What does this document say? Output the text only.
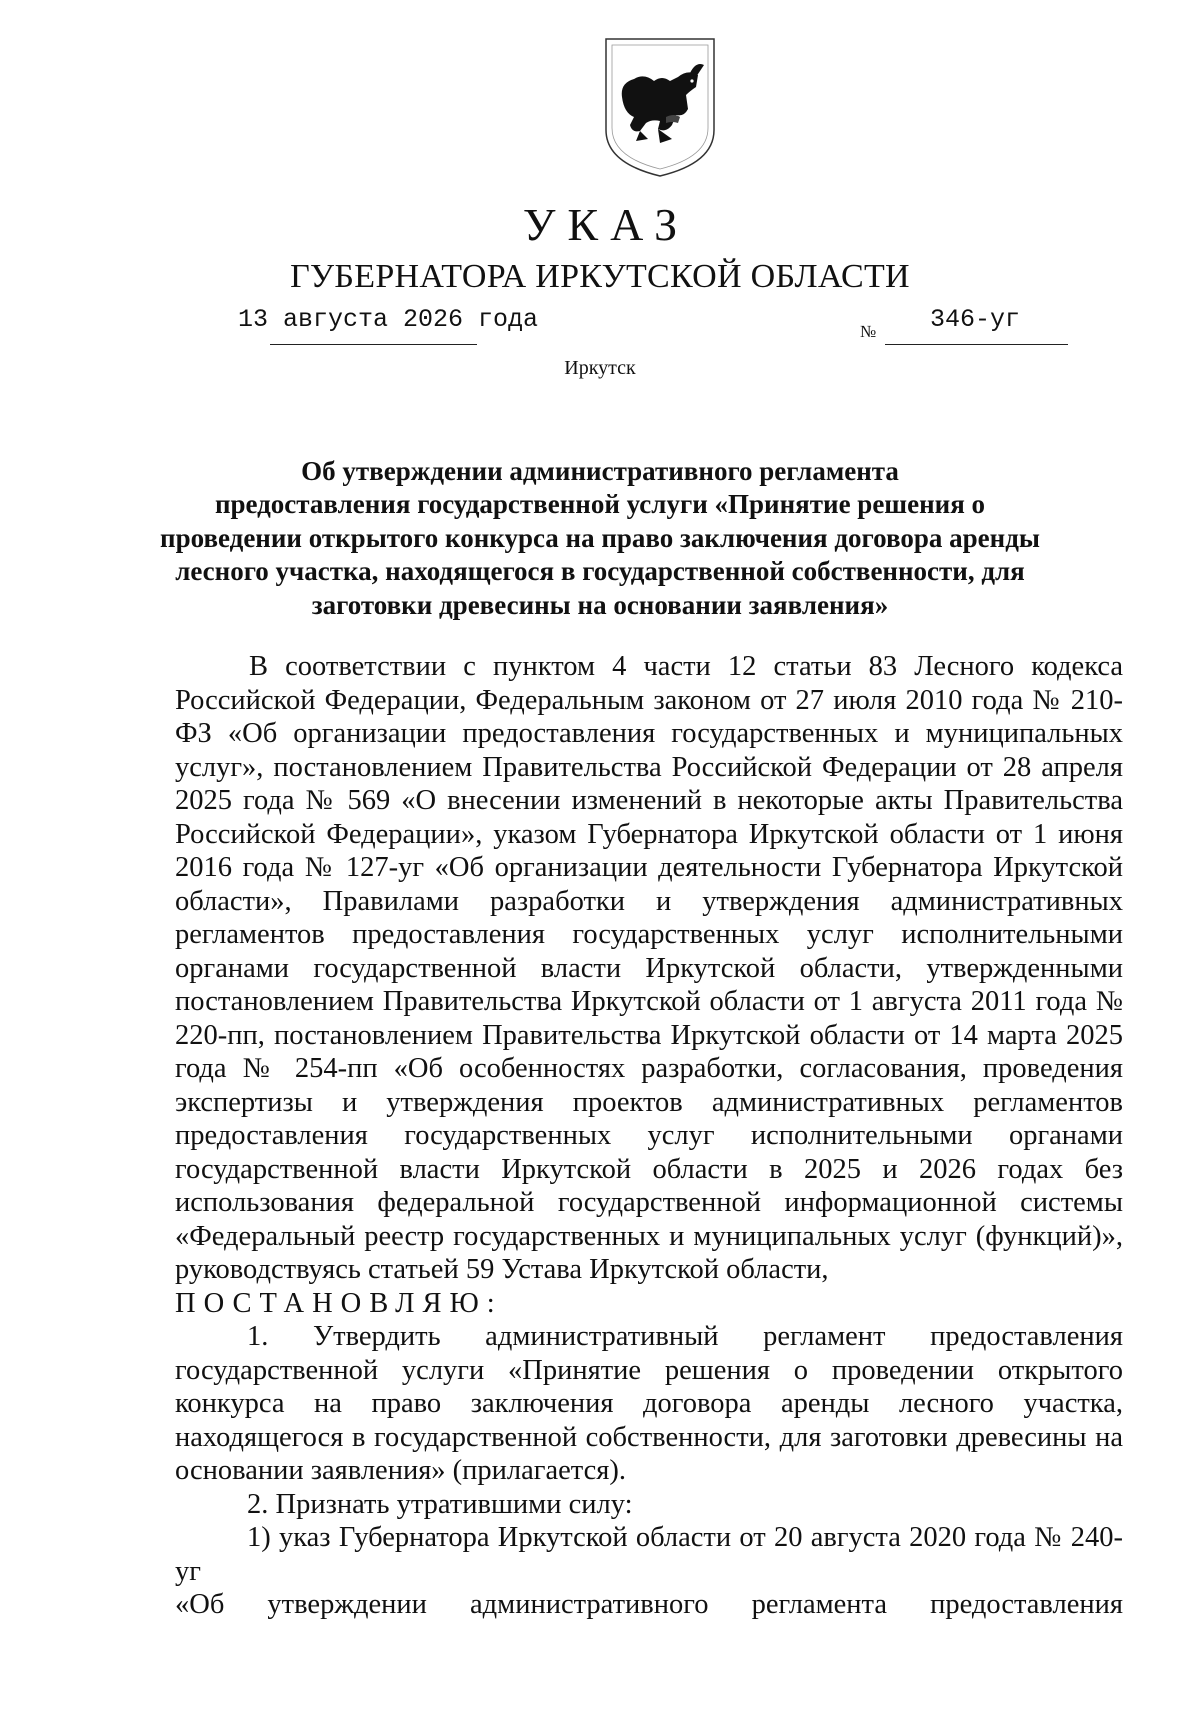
УКАЗ
ГУБЕРНАТОРА ИРКУТСКОЙ ОБЛАСТИ
13 августа 2026 года	№ 346-уг
Иркутск
Об утверждении административного регламента
предоставления государственной услуги «Принятие решения о
проведении открытого конкурса на право заключения договора аренды
лесного участка, находящегося в государственной собственности, для
заготовки древесины на основании заявления»

В соответствии с пунктом 4 части 12 статьи 83 Лесного кодекса Российской Федерации, Федеральным законом от 27 июля 2010 года № 210-ФЗ «Об организации предоставления государственных и муниципальных услуг», постановлением Правительства Российской Федерации от 28 апреля 2025 года № 569 «О внесении изменений в некоторые акты Правительства Российской Федерации», указом Губернатора Иркутской области от 1 июня 2016 года № 127-уг «Об организации деятельности Губернатора Иркутской области», Правилами разработки и утверждения административных регламентов предоставления государственных услуг исполнительными органами государственной власти Иркутской области, утвержденными постановлением Правительства Иркутской области от 1 августа 2011 года № 220-пп, постановлением Правительства Иркутской области от 14 марта 2025 года № 254-пп «Об особенностях разработки, согласования, проведения экспертизы и утверждения проектов административных регламентов предоставления государственных услуг исполнительными органами государственной власти Иркутской области в 2025 и 2026 годах без использования федеральной государственной информационной системы «Федеральный реестр государственных и муниципальных услуг (функций)», руководствуясь статьей 59 Устава Иркутской области,

ПОСТАНОВЛЯЮ:

1. Утвердить административный регламент предоставления государственной услуги «Принятие решения о проведении открытого конкурса на право заключения договора аренды лесного участка, находящегося в государственной собственности, для заготовки древесины на основании заявления» (прилагается).

2. Признать утратившими силу:

1) указ Губернатора Иркутской области от 20 августа 2020 года № 240-уг

«Об утверждении административного регламента предоставления
